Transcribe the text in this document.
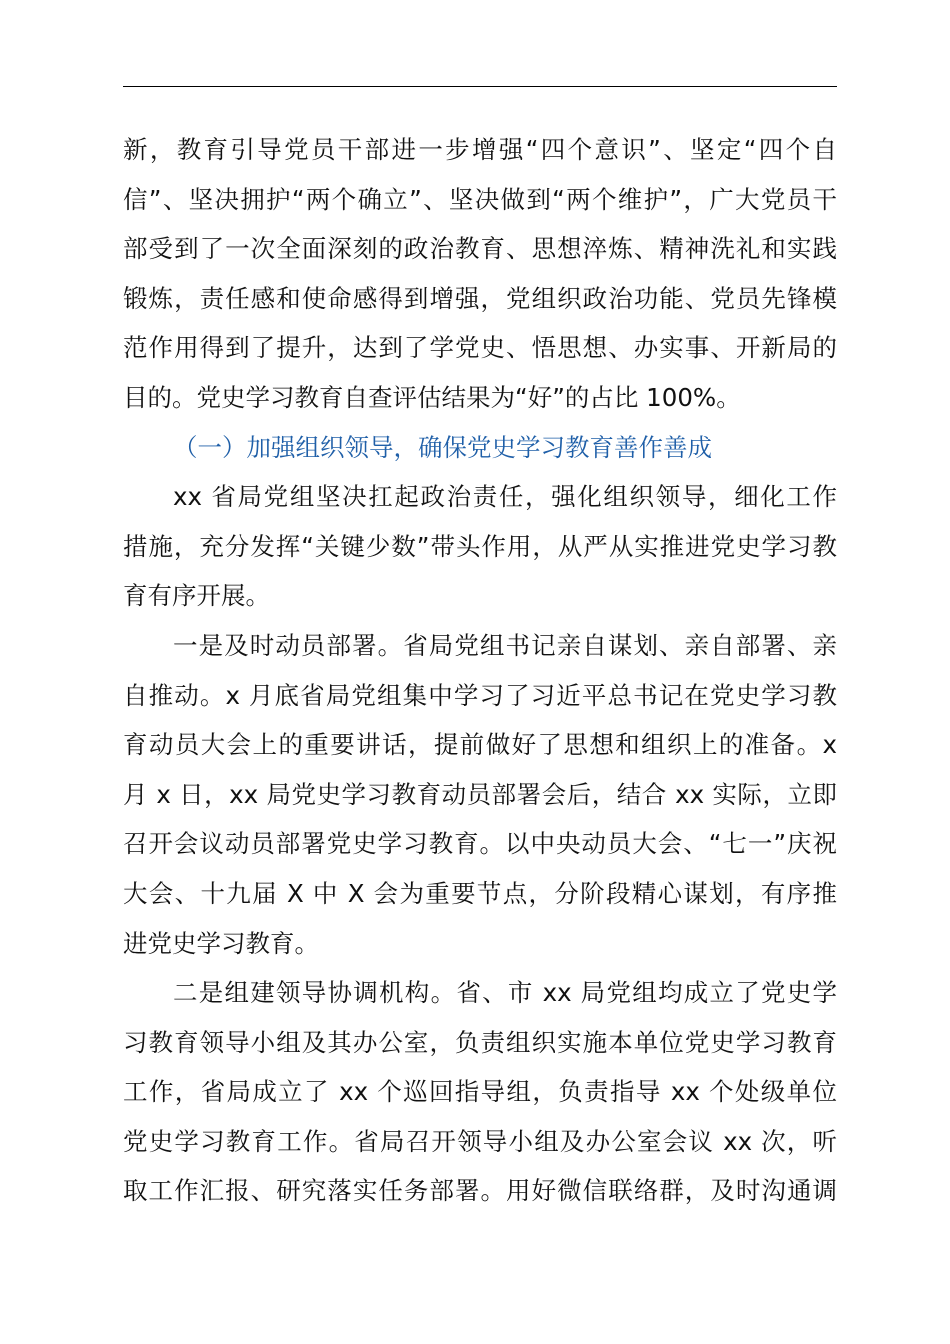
新，教育引导党员干部进一步增强“四个意识”、坚定“四个自
信”、坚决拥护“两个确立”、坚决做到“两个维护”，广大党员干
部受到了一次全面深刻的政治教育、思想淬炼、精神洗礼和实践
锻炼，责任感和使命感得到增强，党组织政治功能、党员先锋模
范作用得到了提升，达到了学党史、悟思想、办实事、开新局的
目的。党史学习教育自查评估结果为“好”的占比 100%。
（一）加强组织领导，确保党史学习教育善作善成
xx 省局党组坚决扛起政治责任，强化组织领导，细化工作
措施，充分发挥“关键少数”带头作用，从严从实推进党史学习教
育有序开展。
一是及时动员部署。省局党组书记亲自谋划、亲自部署、亲
自推动。x 月底省局党组集中学习了习近平总书记在党史学习教
育动员大会上的重要讲话，提前做好了思想和组织上的准备。x
月 x 日，xx 局党史学习教育动员部署会后，结合 xx 实际，立即
召开会议动员部署党史学习教育。以中央动员大会、“七一”庆祝
大会、十九届 X 中 X 会为重要节点，分阶段精心谋划，有序推
进党史学习教育。
二是组建领导协调机构。省、市 xx 局党组均成立了党史学
习教育领导小组及其办公室，负责组织实施本单位党史学习教育
工作，省局成立了 xx 个巡回指导组，负责指导 xx 个处级单位
党史学习教育工作。省局召开领导小组及办公室会议 xx 次，听
取工作汇报、研究落实任务部署。用好微信联络群，及时沟通调
